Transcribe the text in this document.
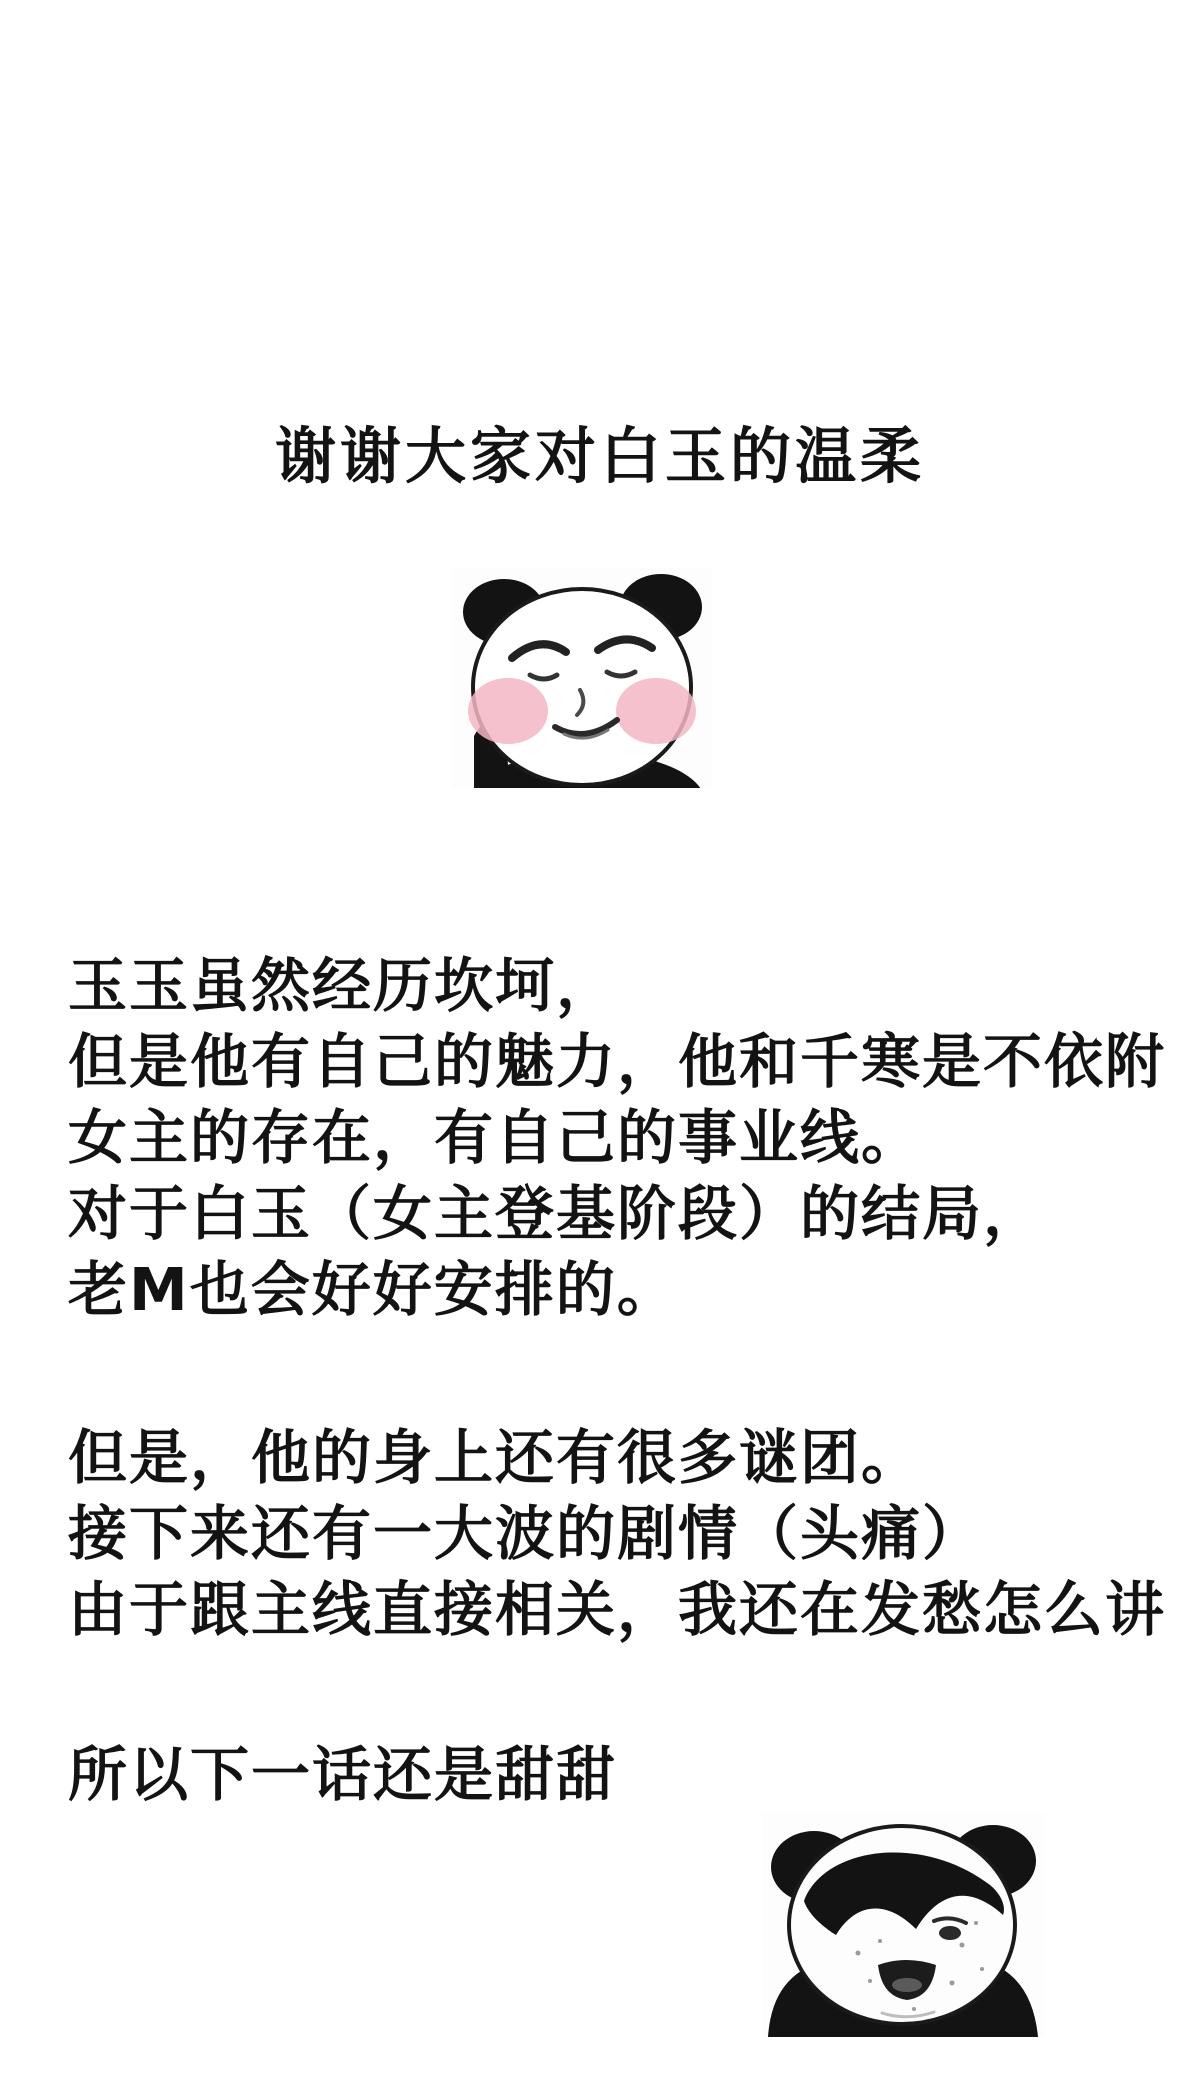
谢谢大家对白玉的温柔
玉玉虽然经历坎坷，
但是他有自己的魅力，他和千寒是不依附
女主的存在，有自己的事业线。
对于白玉（女主登基阶段）的结局，
老M也会好好安排的。
但是，他的身上还有很多谜团。
接下来还有一大波的剧情（头痛）
由于跟主线直接相关，我还在发愁怎么讲
所以下一话还是甜甜
